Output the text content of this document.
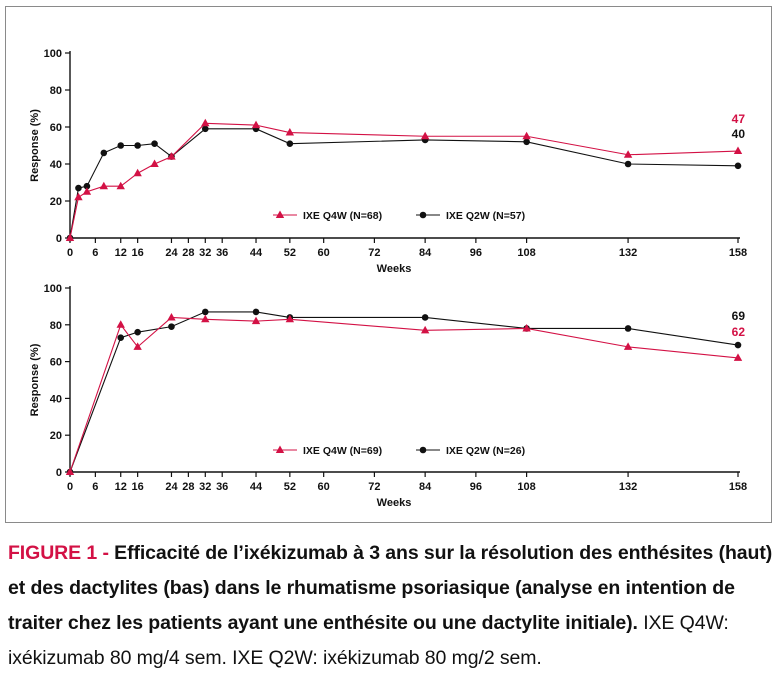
0
20
40
60
80
100
0 6 12 16 24 28 32 36 44 52 60	72	84	96	108	132	158
Weeks
Response (%)	47
40
IXE Q4W (N=68)	IXE Q2W (N=57)
0
20
40
60
80
100
0 6 12 16 24 28 32 36 44 52 60	72	84	96	108	132	158
Weeks
Response (%)
62
69
IXE Q4W (N=69)	IXE Q2W (N=26)
FIGURE 1 - Efficacité de l’ixékizumab à 3 ans sur la résolution des enthésites (haut) et des dactylites (bas) dans le rhumatisme psoriasique (analyse en intention de traiter chez les patients ayant une enthésite ou une dactylite initiale). IXE Q4W: ixékizumab 80 mg/4 sem. IXE Q2W: ixékizumab 80 mg/2 sem.
